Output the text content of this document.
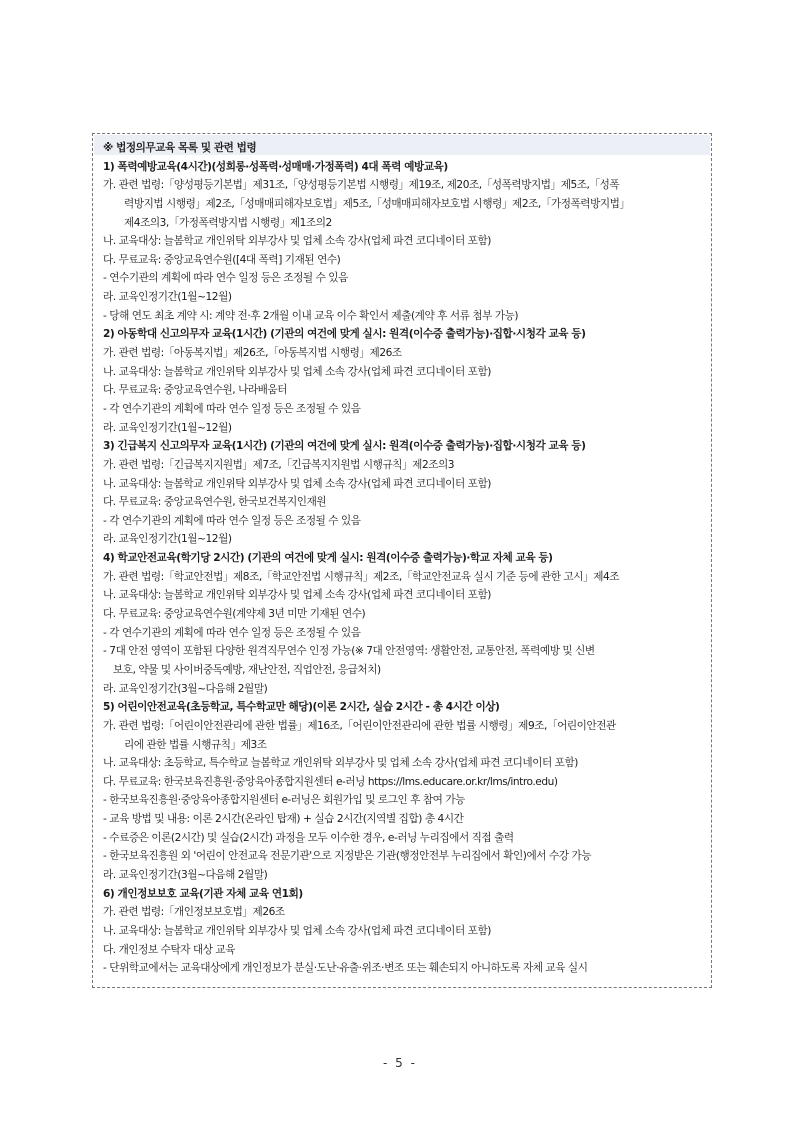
※ 법정의무교육 목록 및 관련 법령
1) 폭력예방교육(4시간)(성희롱·성폭력·성매매·가정폭력) 4대 폭력 예방교육)
가. 관련 법령:「양성평등기본법」제31조,「양성평등기본법 시행령」제19조, 제20조,「성폭력방지법」제5조,「성폭
력방지법 시행령」제2조,「성매매피해자보호법」제5조,「성매매피해자보호법 시행령」제2조,「가정폭력방지법」
제4조의3,「가정폭력방지법 시행령」제1조의2
나. 교육대상: 늘봄학교 개인위탁 외부강사 및 업체 소속 강사(업체 파견 코디네이터 포함)
다. 무료교육: 중앙교육연수원([4대 폭력] 기재된 연수)
- 연수기관의 계획에 따라 연수 일정 등은 조정될 수 있음
라. 교육인정기간(1월~12월)
- 당해 연도 최초 계약 시: 계약 전·후 2개월 이내 교육 이수 확인서 제출(계약 후 서류 첨부 가능)
2) 아동학대 신고의무자 교육(1시간) (기관의 여건에 맞게 실시: 원격(이수증 출력가능)·집합·시청각 교육 등)
가. 관련 법령:「아동복지법」제26조,「아동복지법 시행령」제26조
나. 교육대상: 늘봄학교 개인위탁 외부강사 및 업체 소속 강사(업체 파견 코디네이터 포함)
다. 무료교육: 중앙교육연수원, 나라배움터
- 각 연수기관의 계획에 따라 연수 일정 등은 조정될 수 있음
라. 교육인정기간(1월~12월)
3) 긴급복지 신고의무자 교육(1시간) (기관의 여건에 맞게 실시: 원격(이수증 출력가능)·집합·시청각 교육 등)
가. 관련 법령:「긴급복지지원법」제7조,「긴급복지지원법 시행규칙」제2조의3
나. 교육대상: 늘봄학교 개인위탁 외부강사 및 업체 소속 강사(업체 파견 코디네이터 포함)
다. 무료교육: 중앙교육연수원, 한국보건복지인재원
- 각 연수기관의 계획에 따라 연수 일정 등은 조정될 수 있음
라. 교육인정기간(1월~12월)
4) 학교안전교육(학기당 2시간) (기관의 여건에 맞게 실시: 원격(이수증 출력가능)·학교 자체 교육 등)
가. 관련 법령:「학교안전법」제8조,「학교안전법 시행규칙」제2조,「학교안전교육 실시 기준 등에 관한 고시」제4조
나. 교육대상: 늘봄학교 개인위탁 외부강사 및 업체 소속 강사(업체 파견 코디네이터 포함)
다. 무료교육: 중앙교육연수원(계약제 3년 미만 기재된 연수)
- 각 연수기관의 계획에 따라 연수 일정 등은 조정될 수 있음
- 7대 안전 영역이 포함된 다양한 원격직무연수 인정 가능(※ 7대 안전영역: 생활안전, 교통안전, 폭력예방 및 신변
보호, 약물 및 사이버중독예방, 재난안전, 직업안전, 응급처치)
라. 교육인정기간(3월~다음해 2월말)
5) 어린이안전교육(초등학교, 특수학교만 해당)(이론 2시간, 실습 2시간 - 총 4시간 이상)
가. 관련 법령:「어린이안전관리에 관한 법률」제16조,「어린이안전관리에 관한 법률 시행령」제9조,「어린이안전관
리에 관한 법률 시행규칙」제3조
나. 교육대상: 초등학교, 특수학교 늘봄학교 개인위탁 외부강사 및 업체 소속 강사(업체 파견 코디네이터 포함)
다. 무료교육: 한국보육진흥원·중앙육아종합지원센터 e-러닝 https://lms.educare.or.kr/lms/intro.edu)
- 한국보육진흥원·중앙육아종합지원센터 e-러닝은 회원가입 및 로그인 후 참여 가능
- 교육 방법 및 내용: 이론 2시간(온라인 탑재) + 실습 2시간(지역별 집합) 총 4시간
- 수료증은 이론(2시간) 및 실습(2시간) 과정을 모두 이수한 경우, e-러닝 누리집에서 직접 출력
- 한국보육진흥원 외 '어린이 안전교육 전문기관'으로 지정받은 기관(행정안전부 누리집에서 확인)에서 수강 가능
라. 교육인정기간(3월~다음해 2월말)
6) 개인정보보호 교육(기관 자체 교육 연1회)
가. 관련 법령:「개인정보보호법」제26조
나. 교육대상: 늘봄학교 개인위탁 외부강사 및 업체 소속 강사(업체 파견 코디네이터 포함)
다. 개인정보 수탁자 대상 교육
- 단위학교에서는 교육대상에게 개인정보가 분실·도난·유출·위조·변조 또는 훼손되지 아니하도록 자체 교육 실시
- 5 -
